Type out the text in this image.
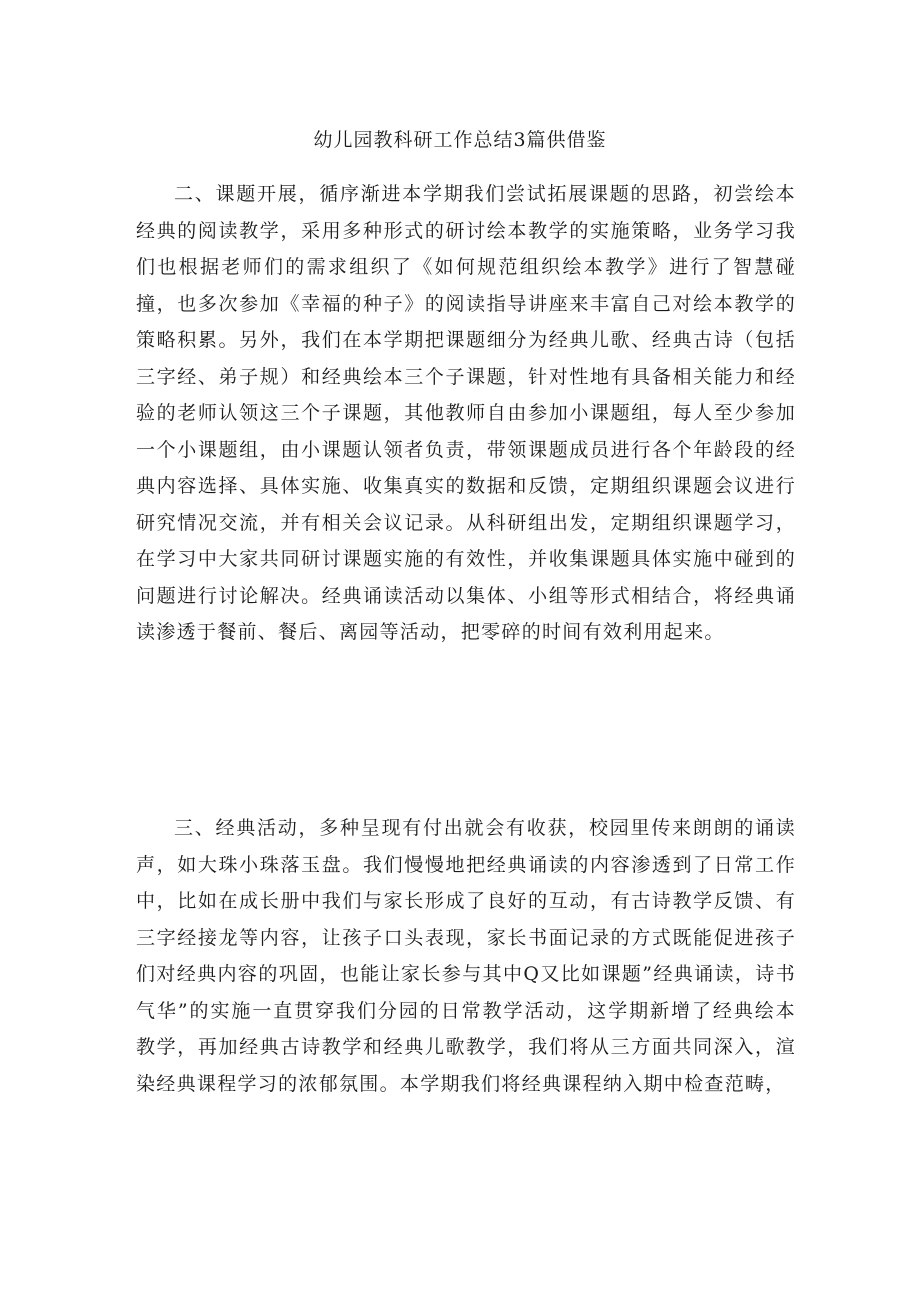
幼儿园教科研工作总结3篇供借鉴

二、课题开展，循序渐进本学期我们尝试拓展课题的思路，初尝绘本经典的阅读教学，采用多种形式的研讨绘本教学的实施策略，业务学习我们也根据老师们的需求组织了《如何规范组织绘本教学》进行了智慧碰撞，也多次参加《幸福的种子》的阅读指导讲座来丰富自己对绘本教学的策略积累。另外，我们在本学期把课题细分为经典儿歌、经典古诗（包括三字经、弟子规）和经典绘本三个子课题，针对性地有具备相关能力和经验的老师认领这三个子课题，其他教师自由参加小课题组，每人至少参加一个小课题组，由小课题认领者负责，带领课题成员进行各个年龄段的经典内容选择、具体实施、收集真实的数据和反馈，定期组织课题会议进行研究情况交流，并有相关会议记录。从科研组出发，定期组织课题学习，在学习中大家共同研讨课题实施的有效性，并收集课题具体实施中碰到的问题进行讨论解决。经典诵读活动以集体、小组等形式相结合，将经典诵读渗透于餐前、餐后、离园等活动，把零碎的时间有效利用起来。

三、经典活动，多种呈现有付出就会有收获，校园里传来朗朗的诵读声，如大珠小珠落玉盘。我们慢慢地把经典诵读的内容渗透到了日常工作中，比如在成长册中我们与家长形成了良好的互动，有古诗教学反馈、有三字经接龙等内容，让孩子口头表现，家长书面记录的方式既能促进孩子们对经典内容的巩固，也能让家长参与其中Q又比如课题”经典诵读，诗书气华”的实施一直贯穿我们分园的日常教学活动，这学期新增了经典绘本教学，再加经典古诗教学和经典儿歌教学，我们将从三方面共同深入，渲染经典课程学习的浓郁氛围。本学期我们将经典课程纳入期中检查范畴，
